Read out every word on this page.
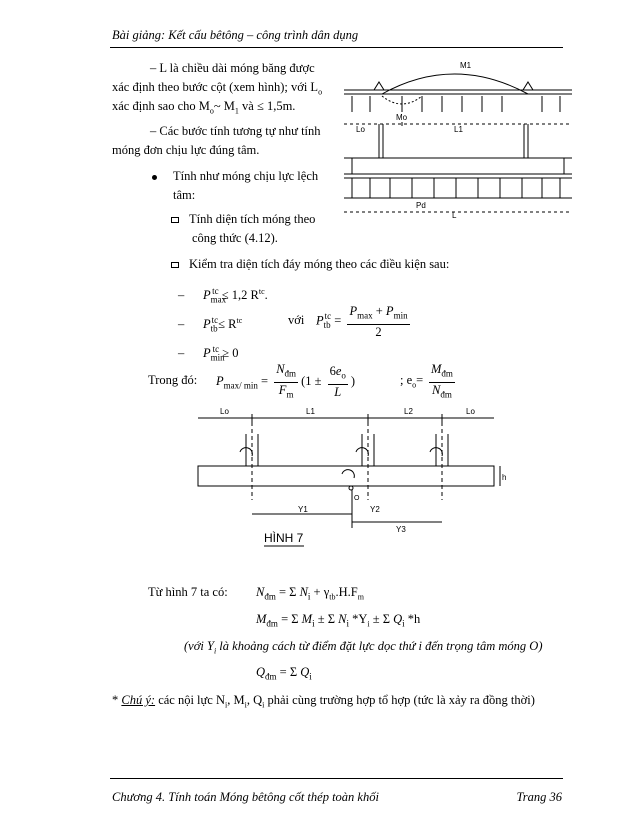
Bài giảng: Kết cấu bêtông – công trình dân dụng
– L là chiều dài móng băng được
xác định theo bước cột (xem hình); với $L_o$
xác định sao cho $M_o\sim$ $M_1$ và ≤ 1,5m.
– Các bước tính tương tự như tính
móng đơn chịu lực đúng tâm.
Tính như móng chịu lực lệch
tâm:
Tính diện tích móng theo
công thức (4.12).
Kiểm tra diện tích đáy móng theo các điều kiện sau:
–      $P_{max}^{tc} \le 1,2$ $R^{tc}$.
–      $P_{tb}^{tc}\le R^{tc}$	với $P_{tb}^{tc} = \frac{P_{max} + P_{min}}{2}$
–      $P_{min}^{tc} \ge 0$
Trong đó: $P_{max/ min} = \frac{N_{đm}}{F_m} (1 \pm \frac{6e_o}{L}$ )	; $e_o= \frac{M_{đm}}{N_{đm}}$
M1
Mo
Lo	L1
Pd
L
Lo	L1	L2	Lo
h
O
Y1	Y2
Y3
HÌNH 7
Từ hình 7 ta có: $N_{đm} = \Sigma$ $N_i + \gamma_{tb}.H.F_m$
$M_{đm} = \Sigma$ $M_i \pm \Sigma$ $N_i$ $*Y_i \pm \Sigma$ $Q_i$ *h
(với $Y_i$ là khoảng cách từ điểm đặt lực dọc thứ i đến trọng tâm móng O)
$Q_{đm} = \Sigma$ $Q_i$
* Chú ý: các nội lực $N_i$, $M_i$, $Q_i$ phải cùng trường hợp tổ hợp (tức là xảy ra đồng thời)
Chương 4. Tính toán Móng bêtông cốt thép toàn khối	Trang 36
